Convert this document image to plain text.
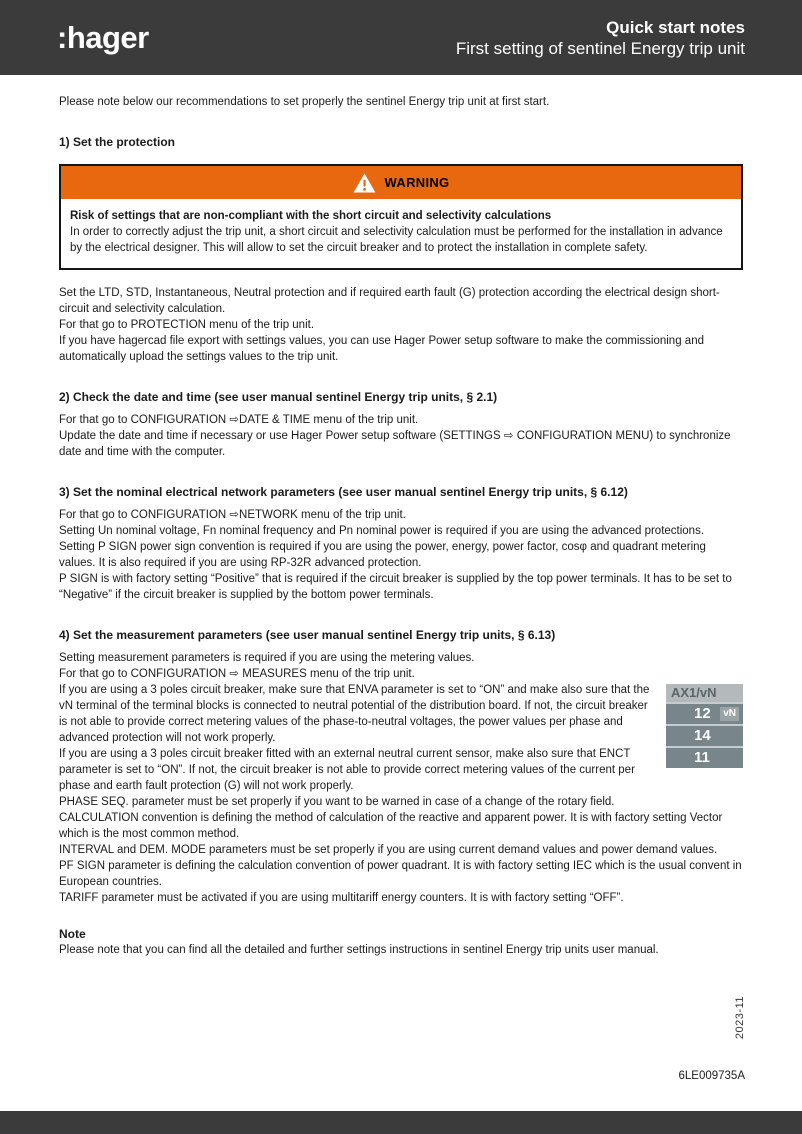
:hager	Quick start notes
First setting of sentinel Energy trip unit

Please note below our recommendations to set properly the sentinel Energy trip unit at first start.

1) Set the protection
WARNING

Risk of settings that are non-compliant with the short circuit and selectivity calculations

In order to correctly adjust the trip unit, a short circuit and selectivity calculation must be performed for the installation in advance by the electrical designer. This will allow to set the circuit breaker and to protect the installation in complete safety.

Set the LTD, STD, Instantaneous, Neutral protection and if required earth fault (G) protection according the electrical design short-circuit and selectivity calculation.

For that go to PROTECTION menu of the trip unit.

If you have hagercad file export with settings values, you can use Hager Power setup software to make the commissioning and automatically upload the settings values to the trip unit.

2) Check the date and time (see user manual sentinel Energy trip units, § 2.1)

For that go to CONFIGURATION ⇨DATE & TIME menu of the trip unit.

Update the date and time if necessary or use Hager Power setup software (SETTINGS ⇨ CONFIGURATION MENU) to synchronize date and time with the computer.

3) Set the nominal electrical network parameters (see user manual sentinel Energy trip units, § 6.12)

For that go to CONFIGURATION ⇨NETWORK menu of the trip unit.

Setting Un nominal voltage, Fn nominal frequency and Pn nominal power is required if you are using the advanced protections.

Setting P SIGN power sign convention is required if you are using the power, energy, power factor, cosφ and quadrant metering values. It is also required if you are using RP-32R advanced protection.

P SIGN is with factory setting “Positive” that is required if the circuit breaker is supplied by the top power terminals. It has to be set to “Negative” if the circuit breaker is supplied by the bottom power terminals.

4) Set the measurement parameters (see user manual sentinel Energy trip units, § 6.13)

Setting measurement parameters is required if you are using the metering values.

For that go to CONFIGURATION ⇨ MEASURES menu of the trip unit.

AX1/vN
12	vN
14
11

If you are using a 3 poles circuit breaker, make sure that ENVA parameter is set to “ON” and make also sure that the vN terminal of the terminal blocks is connected to neutral potential of the distribution board. If not, the circuit breaker is not able to provide correct metering values of the phase-to-neutral voltages, the power values per phase and advanced protection will not work properly.

If you are using a 3 poles circuit breaker fitted with an external neutral current sensor, make also sure that ENCT parameter is set to “ON”. If not, the circuit breaker is not able to provide correct metering values of the current per phase and earth fault protection (G) will not work properly.

PHASE SEQ. parameter must be set properly if you want to be warned in case of a change of the rotary field.

CALCULATION convention is defining the method of calculation of the reactive and apparent power. It is with factory setting Vector which is the most common method.

INTERVAL and DEM. MODE parameters must be set properly if you are using current demand values and power demand values.

PF SIGN parameter is defining the calculation convention of power quadrant. It is with factory setting IEC which is the usual convent in European countries.

TARIFF parameter must be activated if you are using multitariff energy counters. It is with factory setting “OFF”.

Note

Please note that you can find all the detailed and further settings instructions in sentinel Energy trip units user manual.

2023-11
6LE009735A
